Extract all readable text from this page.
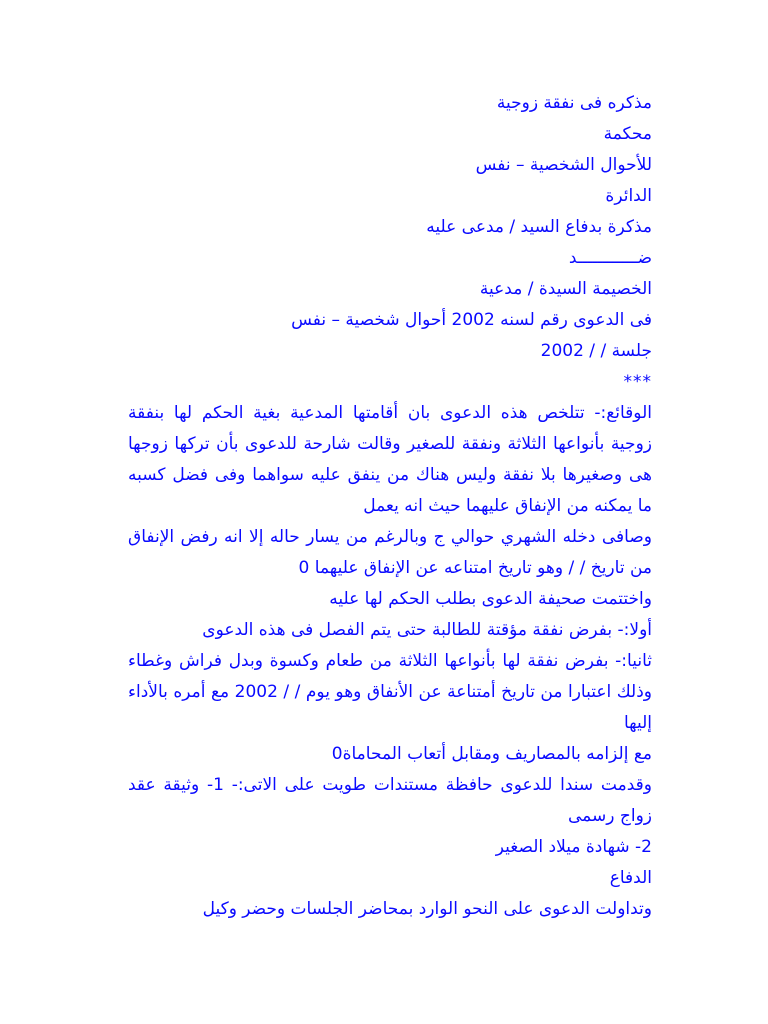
مذكره فى نفقة زوجية
محكمة
للأحوال الشخصية – نفس
الدائرة
مذكرة بدفاع السيد / مدعى عليه
ضــــــــــــد
الخصيمة السيدة / مدعية
فى الدعوى رقم لسنه 2002 أحوال شخصية – نفس
جلسة / / 2002
***
الوقائع:- تتلخص هذه الدعوى بان أقامتها المدعية بغية الحكم لها بنفقة زوجية بأنواعها الثلاثة ونفقة للصغير وقالت شارحة للدعوى بأن تركها زوجها هى وصغيرها بلا نفقة وليس هناك من ينفق عليه سواهما وفى فضل كسبه ما يمكنه من الإنفاق عليهما حيث انه يعمل
وصافى دخله الشهري حوالي ج وبالرغم من يسار حاله إلا انه رفض الإنفاق من تاريخ / / وهو تاريخ امتناعه عن الإنفاق عليهما 0
واختتمت صحيفة الدعوى بطلب الحكم لها عليه
أولا:- بفرض نفقة مؤقتة للطالبة حتى يتم الفصل فى هذه الدعوى
ثانيا:- بفرض نفقة لها بأنواعها الثلاثة من طعام وكسوة وبدل فراش وغطاء وذلك اعتبارا من تاريخ أمتناعة عن الأنفاق وهو يوم / / 2002 مع أمره بالأداء إليها
مع إلزامه بالمصاريف ومقابل أتعاب المحاماة0
وقدمت سندا للدعوى حافظة مستندات طويت على الاتى:- 1- وثيقة عقد زواج رسمى
2- شهادة ميلاد الصغير
الدفاع
وتداولت الدعوى على النحو الوارد بمحاضر الجلسات وحضر وكيل
